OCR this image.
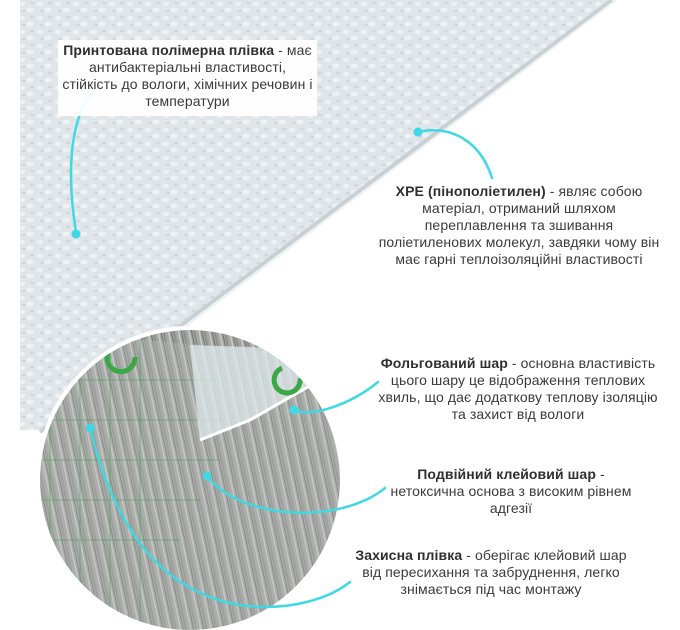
Принтована полімерна плівка - має антибактеріальні властивості, стійкість до вологи, хімічних речовин і температури
XPE (пінополіетилен) - являє собою матеріал, отриманий шляхом переплавлення та зшивання поліетиленових молекул, завдяки чому він має гарні теплоізоляційні властивості
Фольгований шар - основна властивість цього шару це відображення теплових хвиль, що дає додаткову теплову ізоляцію та захист від вологи
Подвійний клейовий шар - нетоксична основа з високим рівнем адгезії
Захисна плівка - оберігає клейовий шар від пересихання та забруднення, легко знімається під час монтажу
